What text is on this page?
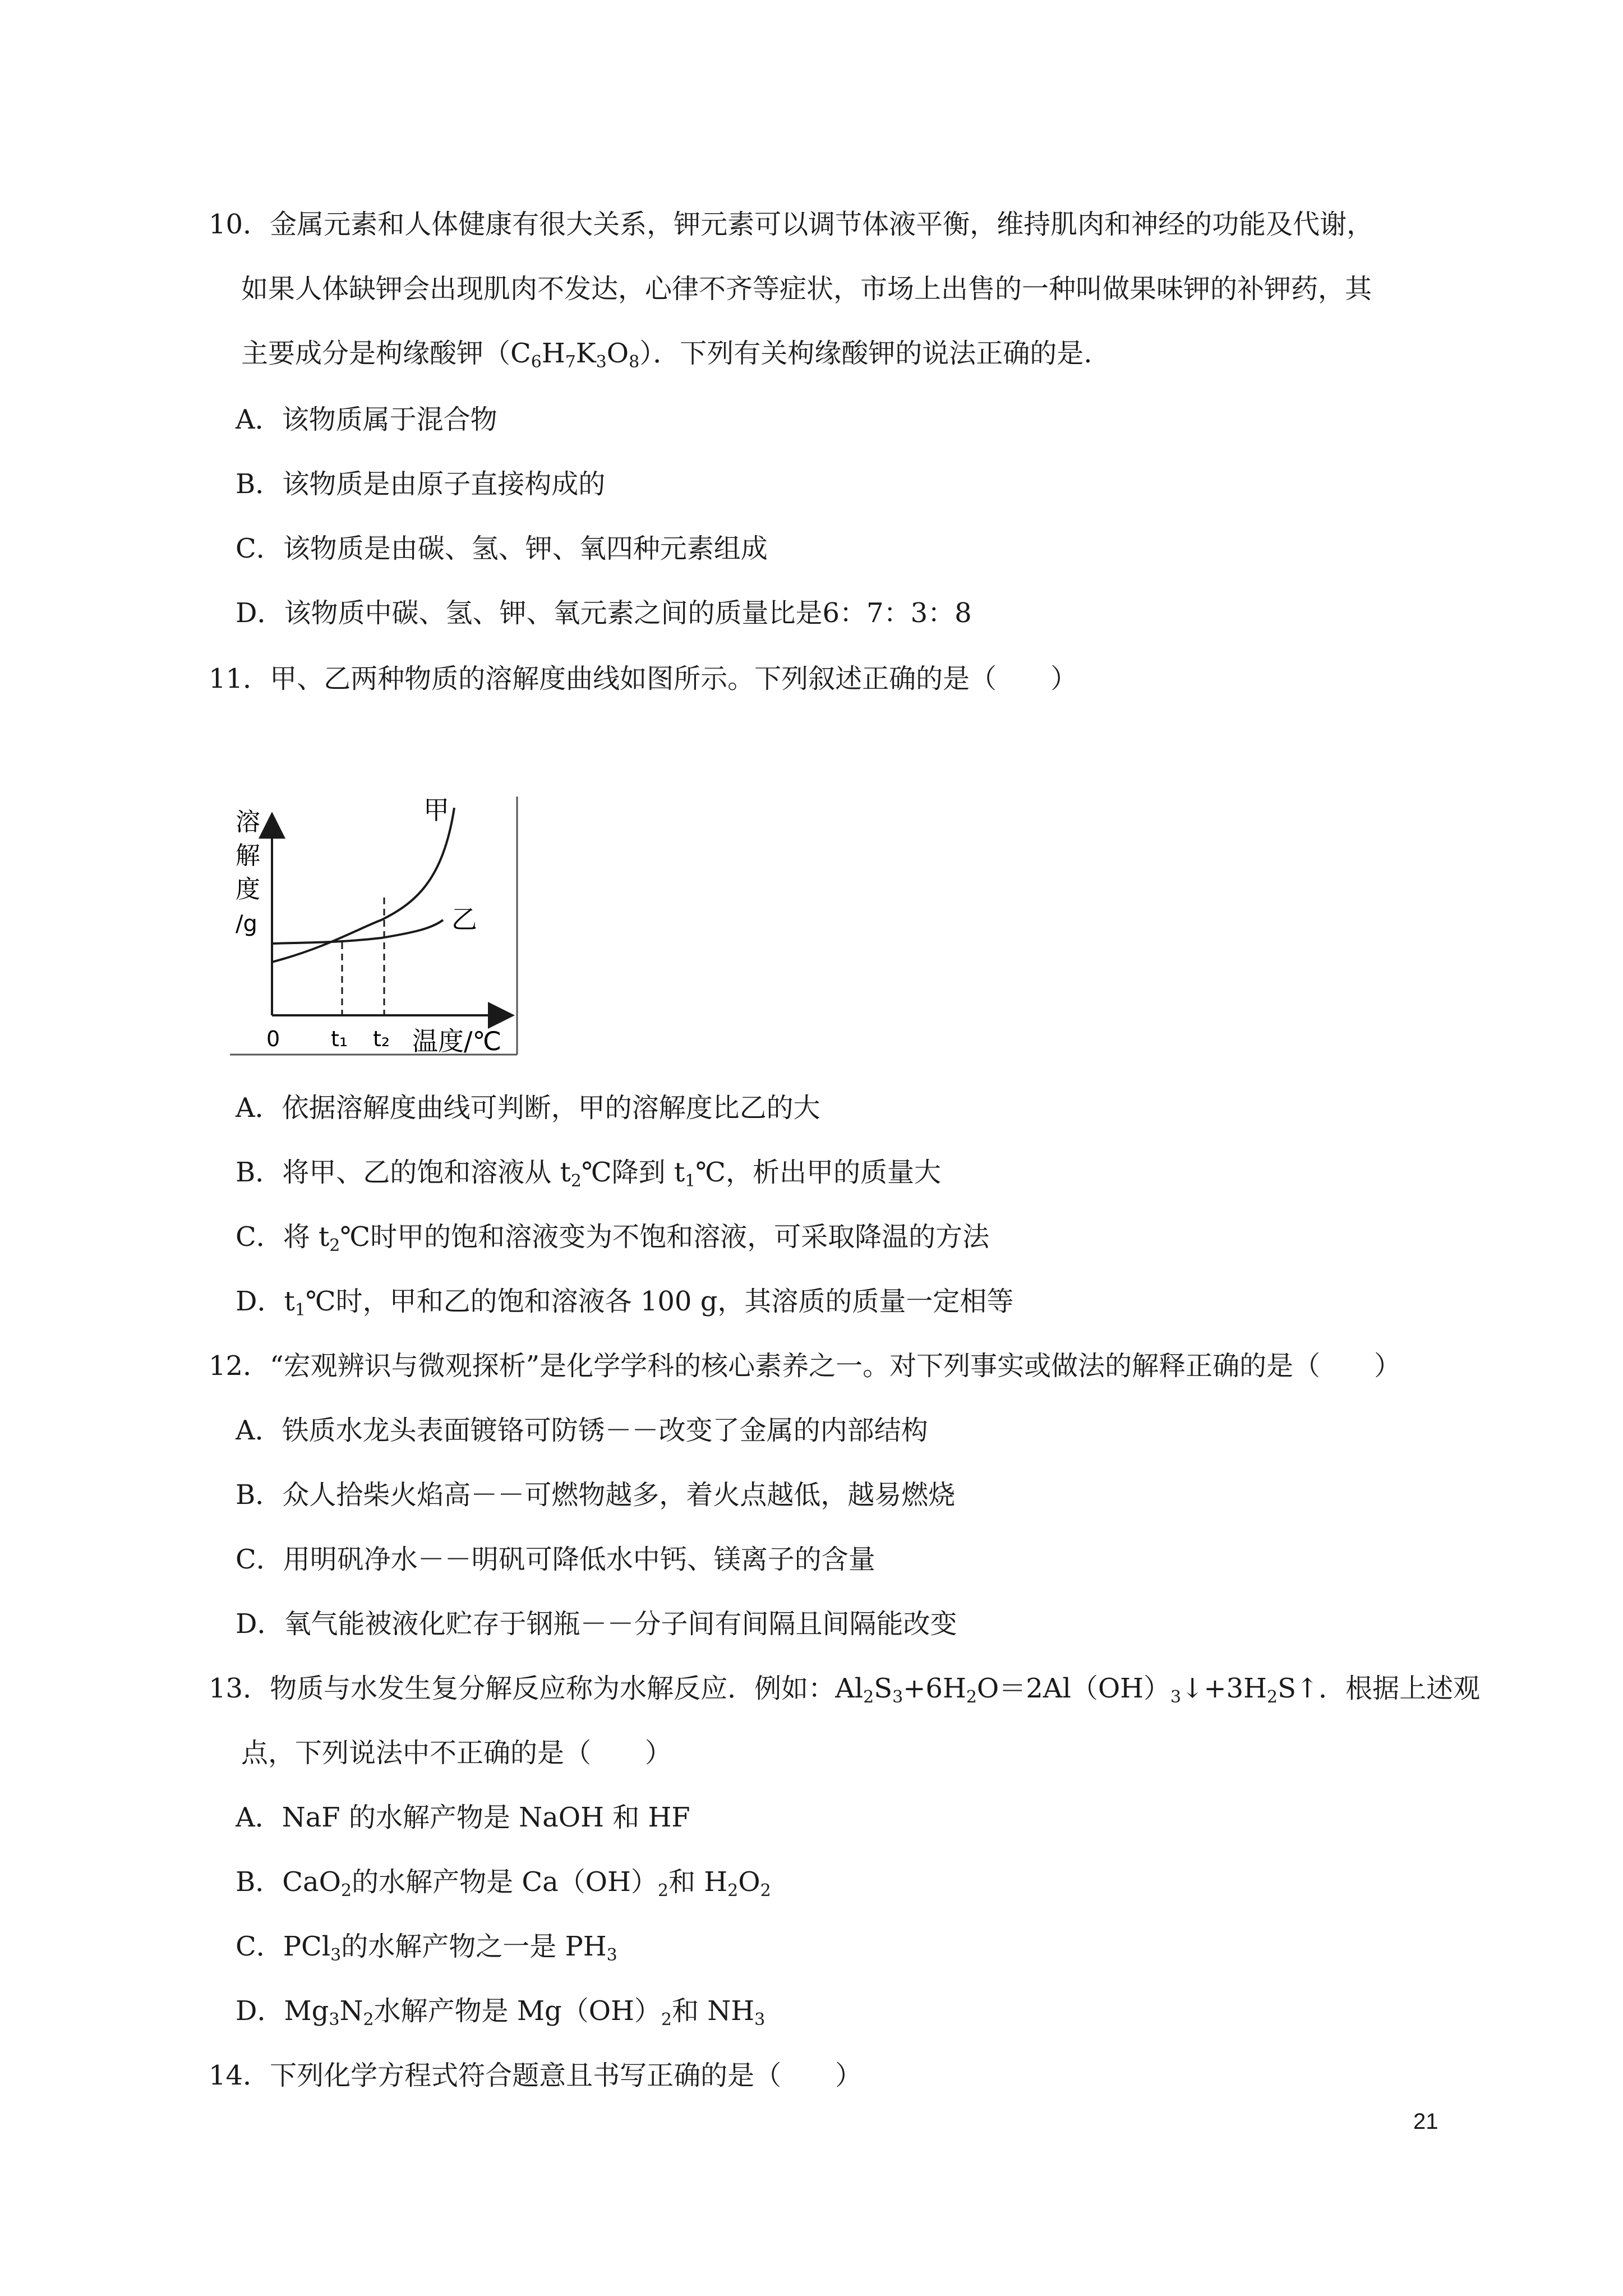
10．金属元素和人体健康有很大关系，钾元素可以调节体液平衡，维持肌肉和神经的功能及代谢，
如果人体缺钾会出现肌肉不发达，心律不齐等症状，市场上出售的一种叫做果味钾的补钾药，其
主要成分是枸缘酸钾$(C_6H_7K_3O_8)$．下列有关枸缘酸钾的说法正确的是.
A．该物质属于混合物
B．该物质是由原子直接构成的
C．该物质是由碳、氢、钾、氧四种元素组成
D．该物质中碳、氢、钾、氧元素之间的质量比是6：7：3：8
11．甲、乙两种物质的溶解度曲线如图所示。下列叙述正确的是（　　）
溶
解
度
/g
甲
乙
0 t₁ t₂ 温度/℃
A．依据溶解度曲线可判断，甲的溶解度比乙的大
B．将甲、乙的饱和溶液从 $t_2℃$降到 $t_1℃$，析出甲的质量大
C．将 $t_2℃$时甲的饱和溶液变为不饱和溶液，可采取降温的方法
D．$t_1℃$时，甲和乙的饱和溶液各 100 g，其溶质的质量一定相等
12．“宏观辨识与微观探析”是化学学科的核心素养之一。对下列事实或做法的解释正确的是（　　）
A．铁质水龙头表面镀铬可防锈－－改变了金属的内部结构
B．众人拾柴火焰高－－可燃物越多，着火点越低，越易燃烧
C．用明矾净水－－明矾可降低水中钙、镁离子的含量
D．氧气能被液化贮存于钢瓶－－分子间有间隔且间隔能改变
13．物质与水发生复分解反应称为水解反应．例如：$Al_2S_3+6H_2O=2Al(OH)_3↓+3H_2S↑$．根据上述观
点，下列说法中不正确的是（　　）
A．NaF 的水解产物是 NaOH 和 HF
B．CaO$_2$的水解产物是 $Ca(OH)_2$和 $H_2O_2$
C．PCl$_3$的水解产物之一是 $PH_3$
D．$Mg_3N_2$水解产物是 $Mg(OH)_2$和 $NH_3$
14．下列化学方程式符合题意且书写正确的是（　　）
21
